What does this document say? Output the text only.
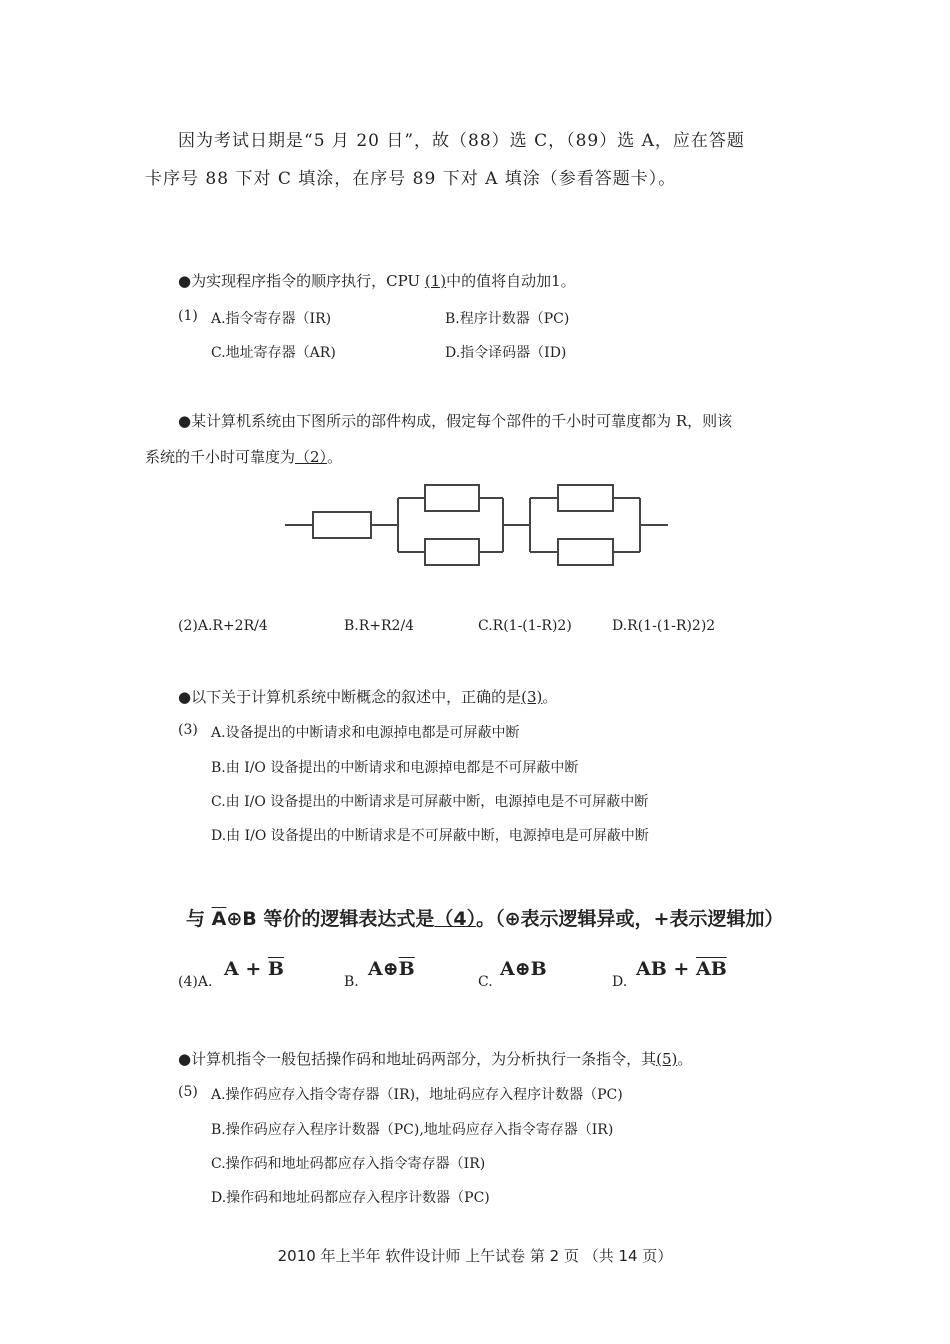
因为考试日期是“5 月 20 日”，故（88）选 C，（89）选 A，应在答题
卡序号 88 下对 C 填涂，在序号 89 下对 A 填涂（参看答题卡）。
●为实现程序指令的顺序执行，CPU (1)中的值将自动加1。
(1) A.指令寄存器（IR)	B.程序计数器（PC)
C.地址寄存器（AR)	D.指令译码器（ID)
●某计算机系统由下图所示的部件构成，假定每个部件的千小时可靠度都为 R，则该
系统的千小时可靠度为（2）。
(2)A.R+2R/4	B.R+R2/4	C.R(1-(1-R)2)	D.R(1-(1-R)2)2
●以下关于计算机系统中断概念的叙述中，正确的是(3)。
(3) A.设备提出的中断请求和电源掉电都是可屏蔽中断
B.由 I/O 设备提出的中断请求和电源掉电都是不可屏蔽中断
C.由 I/O 设备提出的中断请求是可屏蔽中断，电源掉电是不可屏蔽中断
D.由 I/O 设备提出的中断请求是不可屏蔽中断，电源掉电是可屏蔽中断
与 $\overline{A}\oplus B$ 等价的逻辑表达式是（4）。（⊕表示逻辑异或，+表示逻辑加）
(4)A.
$A + \overline{B}$
B.
$A\oplus\overline{B}$
C.
A⊕B
D.
AB + $\overline{AB}$
●计算机指令一般包括操作码和地址码两部分，为分析执行一条指令，其(5)。
(5) A.操作码应存入指令寄存器（IR)，地址码应存入程序计数器（PC)
B.操作码应存入程序计数器（PC),地址码应存入指令寄存器（IR)
C.操作码和地址码都应存入指令寄存器（IR)
D.操作码和地址码都应存入程序计数器（PC)
2010 年上半年 软件设计师 上午试卷 第 2 页 （共 14 页）
